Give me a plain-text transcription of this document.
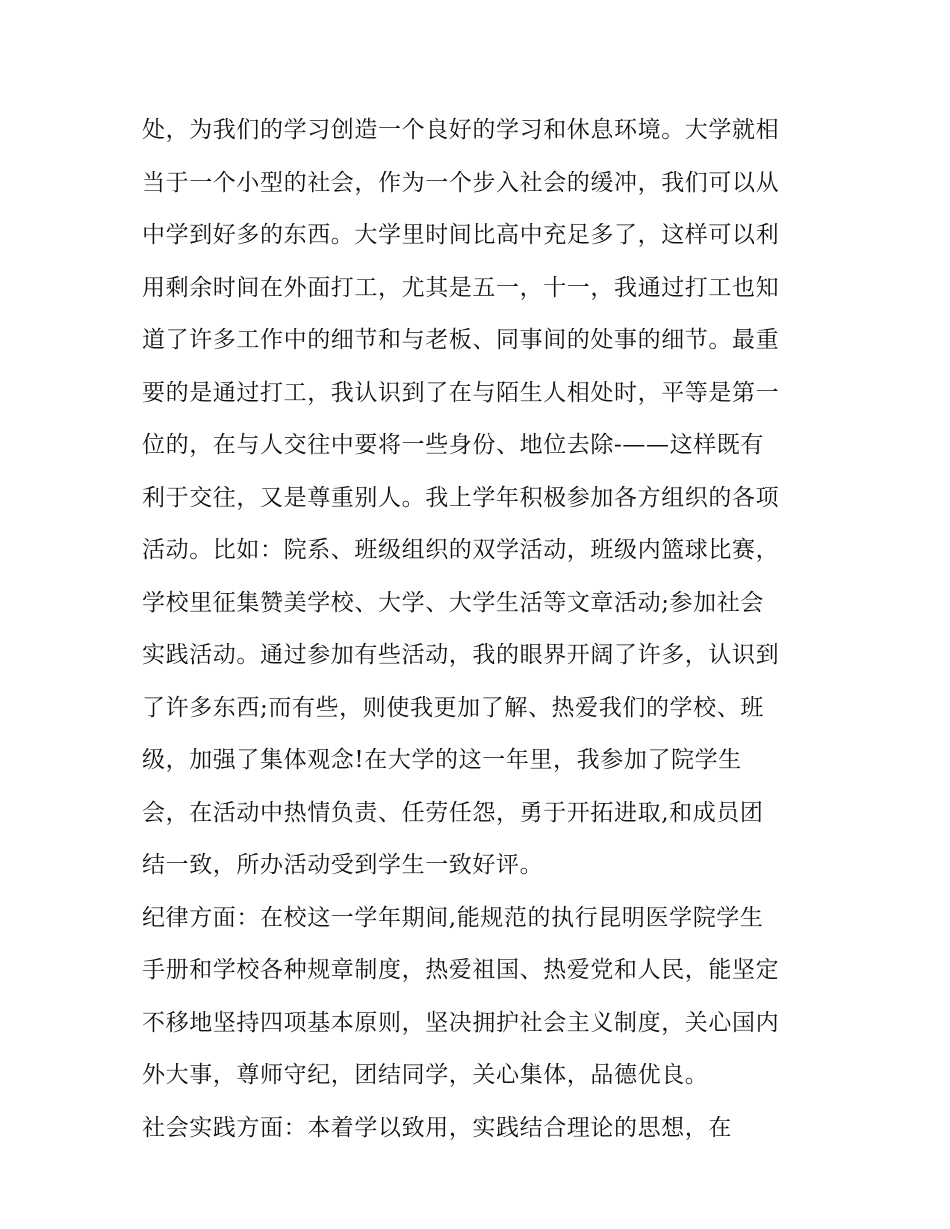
处，为我们的学习创造一个良好的学习和休息环境。大学就相
当于一个小型的社会，作为一个步入社会的缓冲，我们可以从
中学到好多的东西。大学里时间比高中充足多了，这样可以利
用剩余时间在外面打工，尤其是五一，十一，我通过打工也知
道了许多工作中的细节和与老板、同事间的处事的细节。最重
要的是通过打工，我认识到了在与陌生人相处时，平等是第一
位的，在与人交往中要将一些身份、地位去除-——这样既有
利于交往，又是尊重别人。我上学年积极参加各方组织的各项
活动。比如：院系、班级组织的双学活动，班级内篮球比赛，
学校里征集赞美学校、大学、大学生活等文章活动;参加社会
实践活动。通过参加有些活动，我的眼界开阔了许多，认识到
了许多东西;而有些，则使我更加了解、热爱我们的学校、班
级，加强了集体观念!在大学的这一年里，我参加了院学生
会，在活动中热情负责、任劳任怨，勇于开拓进取,和成员团
结一致，所办活动受到学生一致好评。
纪律方面：在校这一学年期间,能规范的执行昆明医学院学生
手册和学校各种规章制度，热爱祖国、热爱党和人民，能坚定
不移地坚持四项基本原则，坚决拥护社会主义制度，关心国内
外大事，尊师守纪，团结同学，关心集体，品德优良。
社会实践方面：本着学以致用，实践结合理论的思想，在
